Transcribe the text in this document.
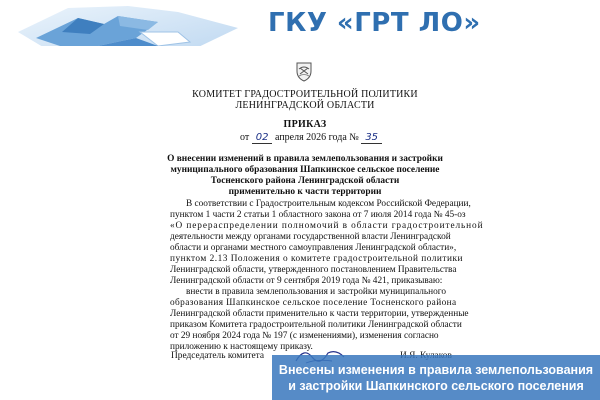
ГКУ «ГРТ ЛО»
КОМИТЕТ ГРАДОСТРОИТЕЛЬНОЙ ПОЛИТИКИ
ЛЕНИНГРАДСКОЙ ОБЛАСТИ
ПРИКАЗ
от 02 апреля 2026 года № 35
О внесении изменений в правила землепользования и застройки
муниципального образования Шапкинское сельское поселение
Тосненского района Ленинградской области
применительно к части территории
В соответствии с Градостроительным кодексом Российской Федерации,
пунктом 1 части 2 статьи 1 областного закона от 7 июля 2014 года № 45-оз
«О перераспределении полномочий в области градостроительной
деятельности между органами государственной власти Ленинградской
области и органами местного самоуправления Ленинградской области»,
пунктом 2.13 Положения о комитете градостроительной политики
Ленинградской области, утвержденного постановлением Правительства
Ленинградской области от 9 сентября 2019 года № 421, приказываю:
внести в правила землепользования и застройки муниципального
образования Шапкинское сельское поселение Тосненского района
Ленинградской области применительно к части территории, утвержденные
приказом Комитета градостроительной политики Ленинградской области
от 29 ноября 2024 года № 197 (с изменениями), изменения согласно
приложению к настоящему приказу.
Председатель комитета
Внесены изменения в правила землепользования
и застройки Шапкинского сельского поселения
